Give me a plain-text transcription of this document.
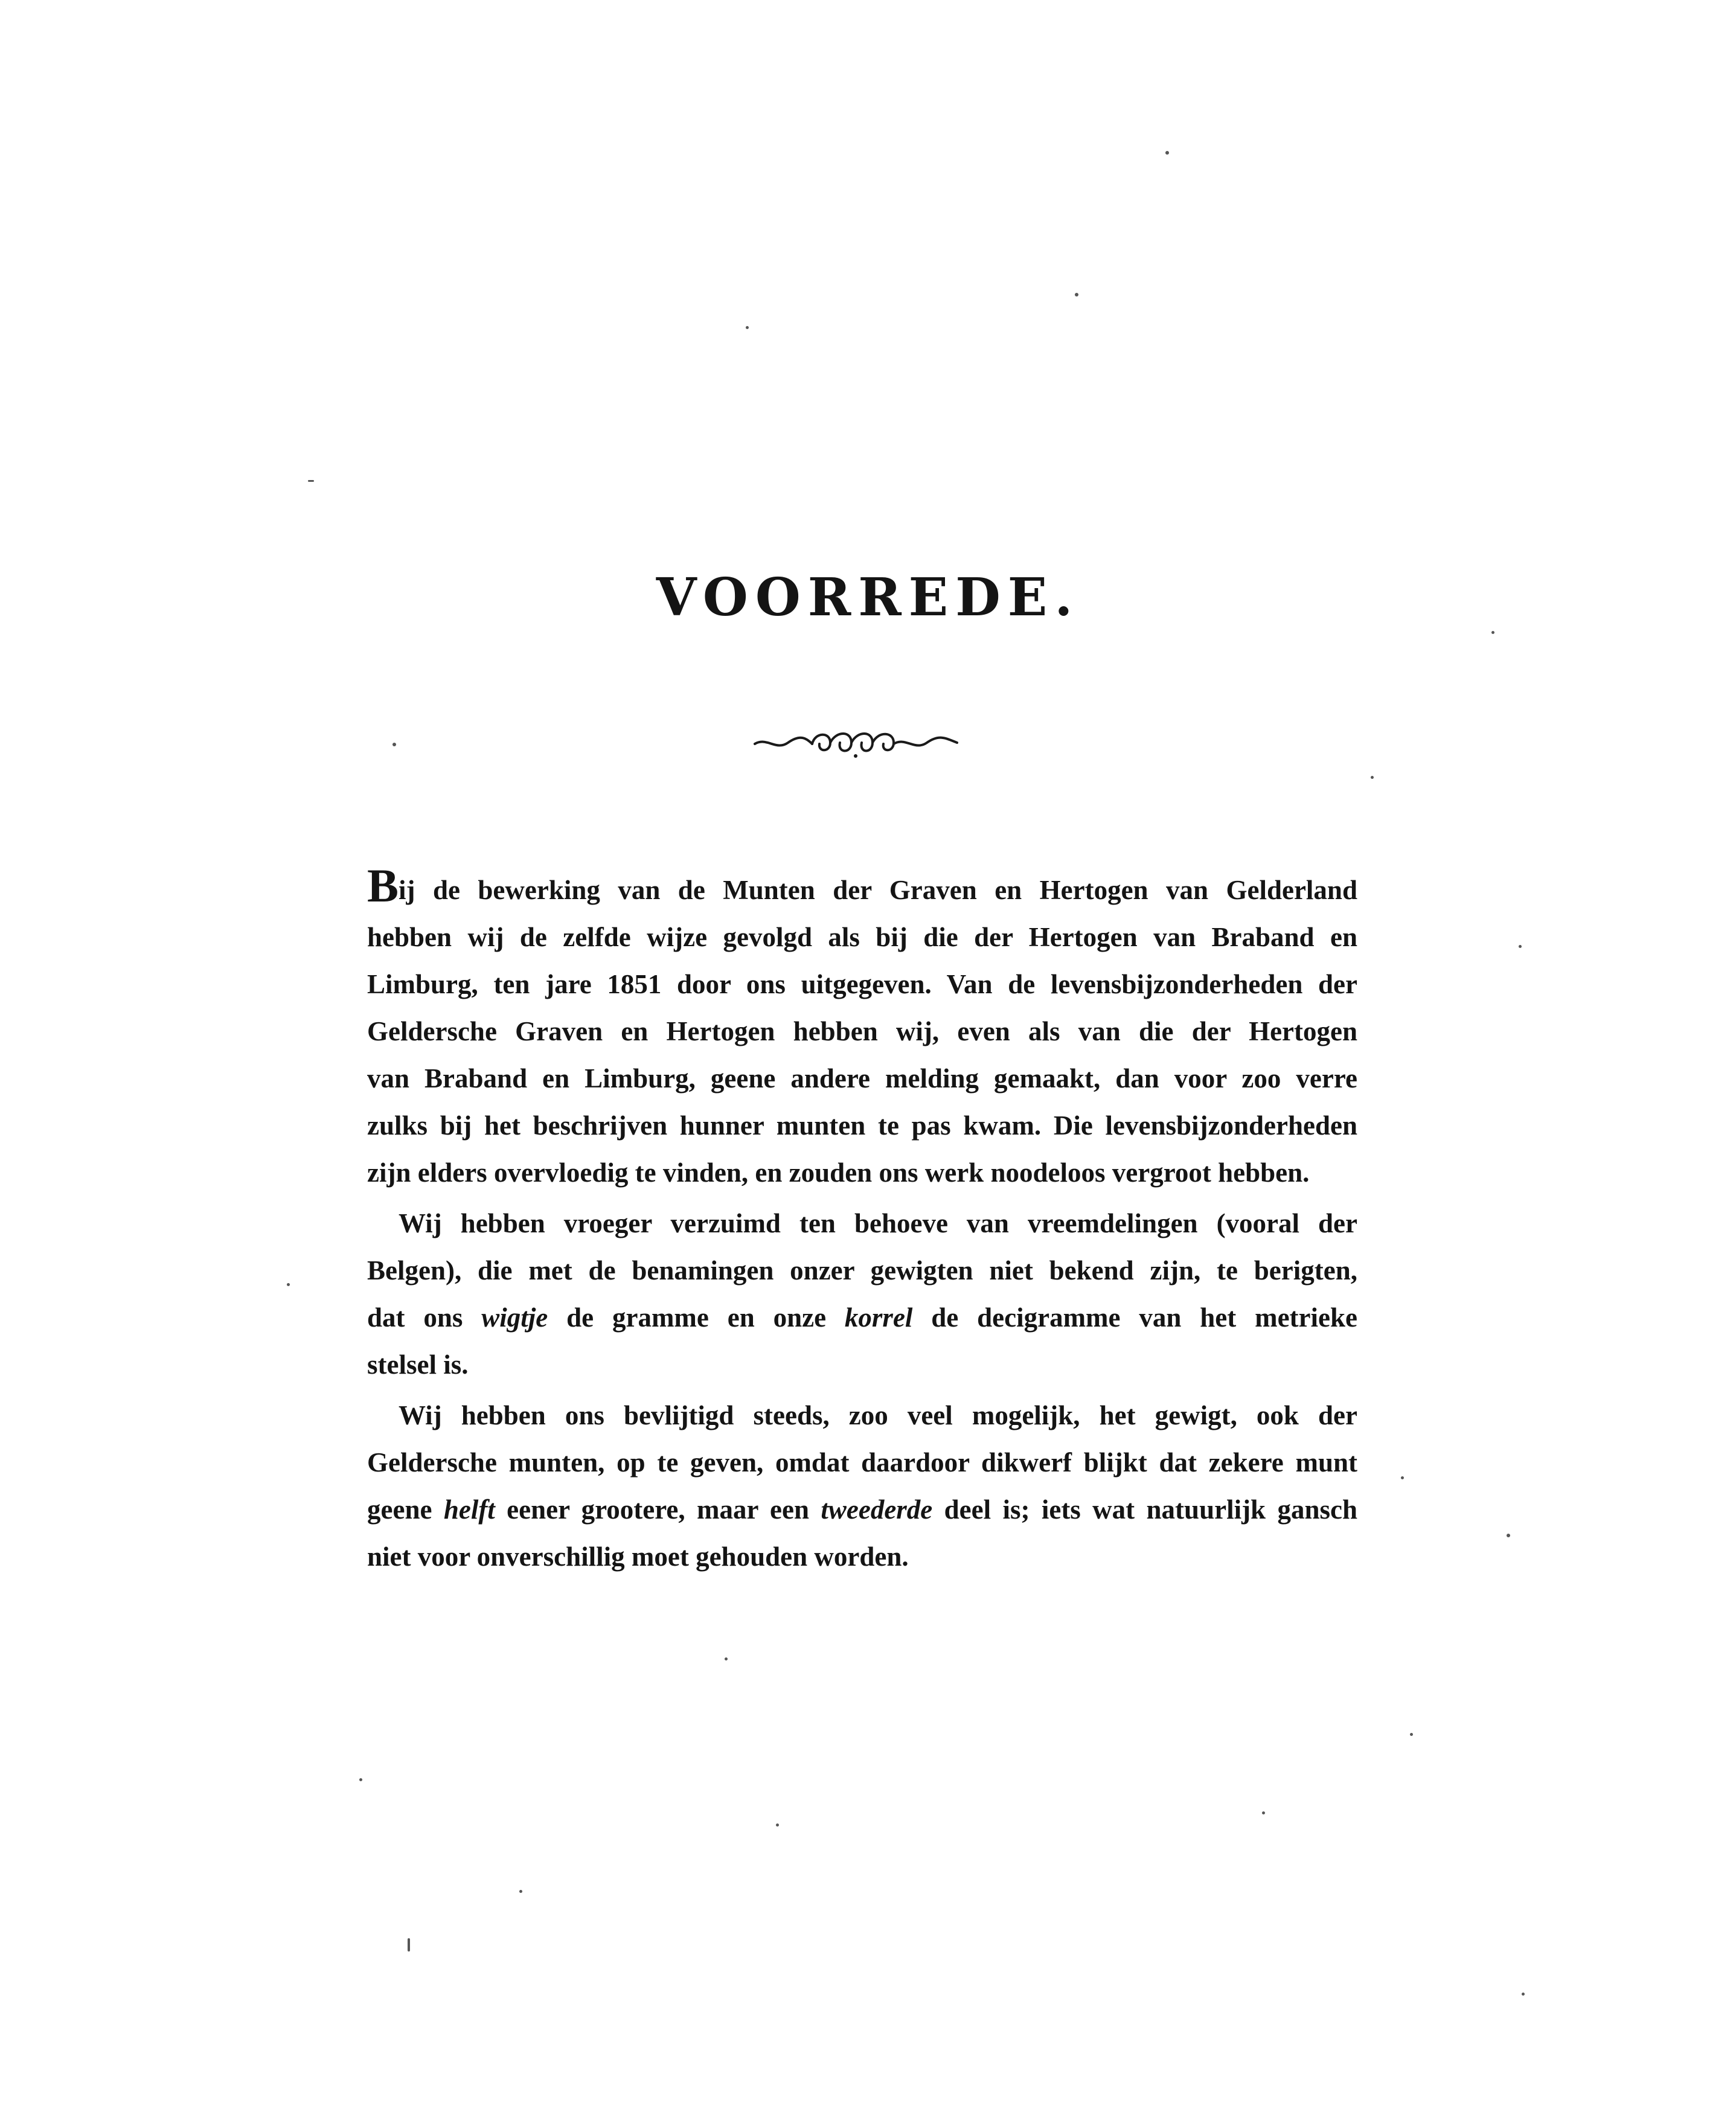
VOORREDE.
Bij de bewerking van de Munten der Graven en Hertogen van Gelderland
hebben wij de zelfde wijze gevolgd als bij die der Hertogen van Braband en
Limburg, ten jare 1851 door ons uitgegeven. Van de levensbijzonderheden der
Geldersche Graven en Hertogen hebben wij, even als van die der Hertogen
van Braband en Limburg, geene andere melding gemaakt, dan voor zoo verre
zulks bij het beschrijven hunner munten te pas kwam. Die levensbijzonderheden
zijn elders overvloedig te vinden, en zouden ons werk noodeloos vergroot hebben.
Wij hebben vroeger verzuimd ten behoeve van vreemdelingen (vooral der
Belgen), die met de benamingen onzer gewigten niet bekend zijn, te berigten,
dat ons wigtje de gramme en onze korrel de decigramme van het metrieke
stelsel is.
Wij hebben ons bevlijtigd steeds, zoo veel mogelijk, het gewigt, ook der
Geldersche munten, op te geven, omdat daardoor dikwerf blijkt dat zekere munt
geene helft eener grootere, maar een tweederde deel is; iets wat natuurlijk gansch
niet voor onverschillig moet gehouden worden.
